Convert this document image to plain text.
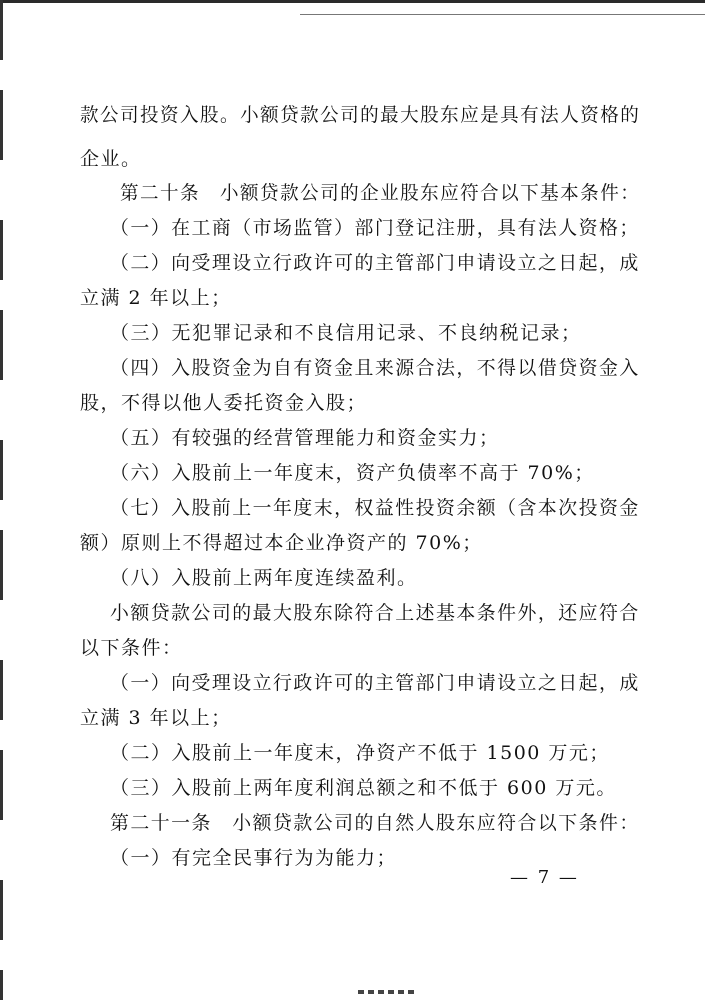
款公司投资入股。小额贷款公司的最大股东应是具有法人资格的
企业。
第二十条　小额贷款公司的企业股东应符合以下基本条件：
（一）在工商（市场监管）部门登记注册，具有法人资格；
（二）向受理设立行政许可的主管部门申请设立之日起，成
立满 2 年以上；
（三）无犯罪记录和不良信用记录、不良纳税记录；
（四）入股资金为自有资金且来源合法，不得以借贷资金入
股，不得以他人委托资金入股；
（五）有较强的经营管理能力和资金实力；
（六）入股前上一年度末，资产负债率不高于 70%；
（七）入股前上一年度末，权益性投资余额（含本次投资金
额）原则上不得超过本企业净资产的 70%；
（八）入股前上两年度连续盈利。
小额贷款公司的最大股东除符合上述基本条件外，还应符合
以下条件：
（一）向受理设立行政许可的主管部门申请设立之日起，成
立满 3 年以上；
（二）入股前上一年度末，净资产不低于 1500 万元；
（三）入股前上两年度利润总额之和不低于 600 万元。
第二十一条　小额贷款公司的自然人股东应符合以下条件：
（一）有完全民事行为为能力；
— 7 —
